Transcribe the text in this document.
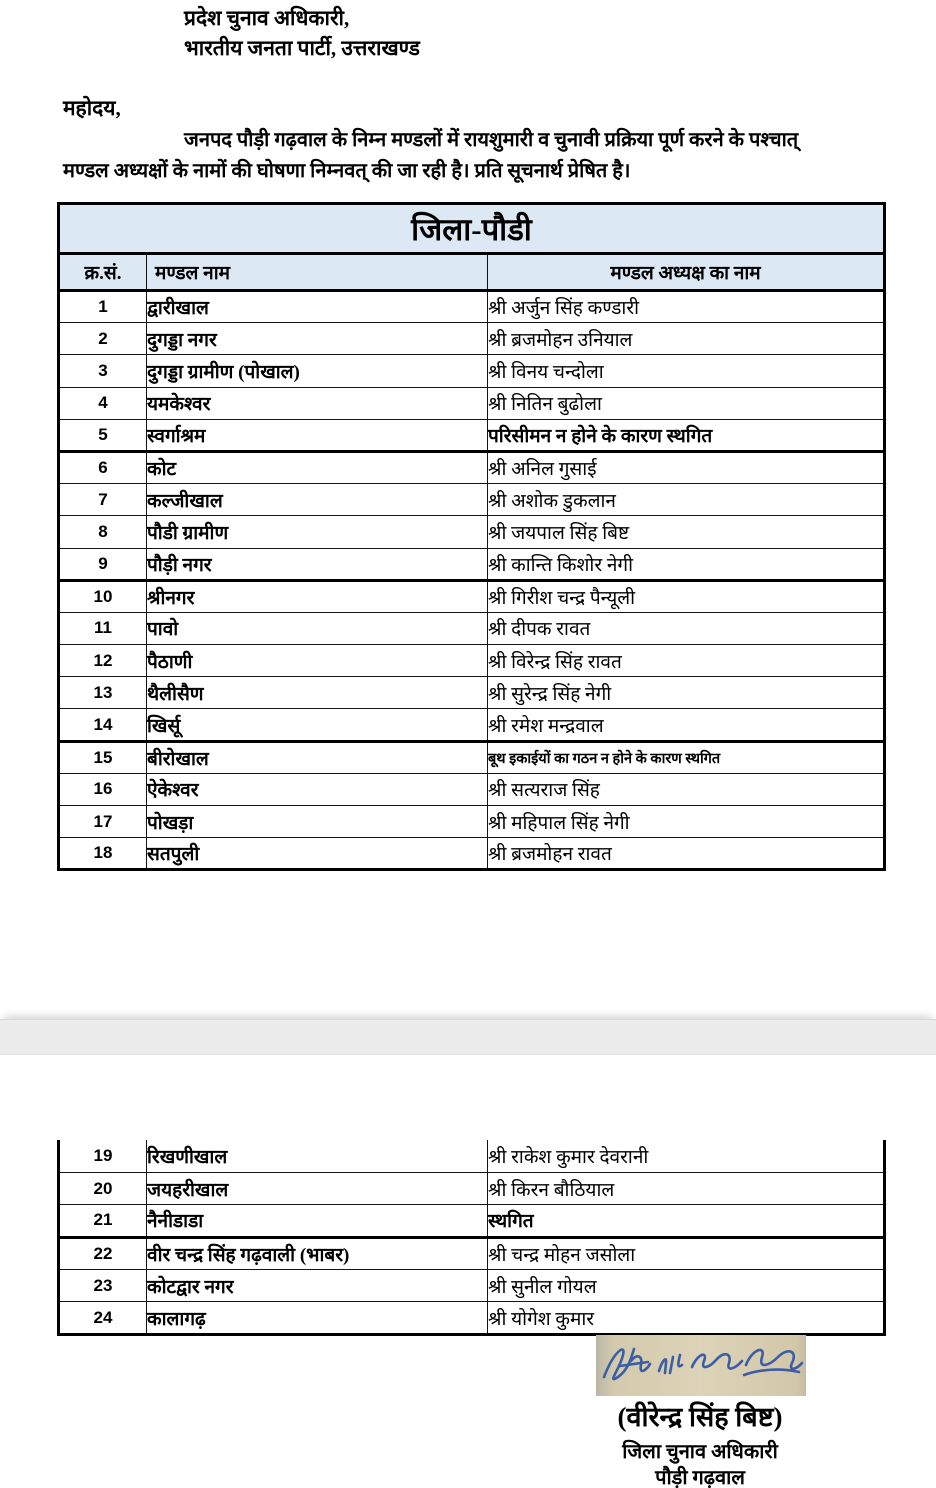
प्रदेश चुनाव अधिकारी,
भारतीय जनता पार्टी, उत्तराखण्ड
महोदय,
जनपद पौड़ी गढ़वाल के निम्न मण्डलों में रायशुमारी व चुनावी प्रक्रिया पूर्ण करने के पश्चात्
मण्डल अध्यक्षों के नामों की घोषणा निम्नवत् की जा रही है। प्रति सूचनार्थ प्रेषित है।
जिला-पौडी		
क्र.सं.	मण्डल नाम	मण्डल अध्यक्ष का नाम
1	द्वारीखाल	श्री अर्जुन सिंह कण्डारी
2	दुगड्डा नगर	श्री ब्रजमोहन उनियाल
3	दुगड्डा ग्रामीण (पोखाल)	श्री विनय चन्दोला
4	यमकेश्वर	श्री नितिन बुढोला
5	स्वर्गाश्रम	परिसीमन न होने के कारण स्थगित
6	कोट	श्री अनिल गुसाई
7	कल्जीखाल	श्री अशोक डुकलान
8	पौडी ग्रामीण	श्री जयपाल सिंह बिष्ट
9	पौड़ी नगर	श्री कान्ति किशोर नेगी
10	श्रीनगर	श्री गिरीश चन्द्र पैन्यूली
11	पावो	श्री दीपक रावत
12	पैठाणी	श्री विरेन्द्र सिंह रावत
13	थैलीसैण	श्री सुरेन्द्र सिंह नेगी
14	खिर्सू	श्री रमेश मन्द्रवाल
15	बीरोखाल	बूथ इकाईयों का गठन न होने के कारण स्थगित
16	ऐकेश्वर	श्री सत्यराज सिंह
17	पोखड़ा	श्री महिपाल सिंह नेगी
18	सतपुली	श्री ब्रजमोहन रावत
19	रिखणीखाल	श्री राकेश कुमार देवरानी
20	जयहरीखाल	श्री किरन बौठियाल
21	नैनीडाडा	स्थगित
22	वीर चन्द्र सिंह गढ़वाली (भाबर)	श्री चन्द्र मोहन जसोला
23	कोटद्वार नगर	श्री सुनील गोयल
24	कालागढ़	श्री योगेश कुमार
(वीरेन्द्र सिंह बिष्ट)
जिला चुनाव अधिकारी
पौड़ी गढ़वाल
